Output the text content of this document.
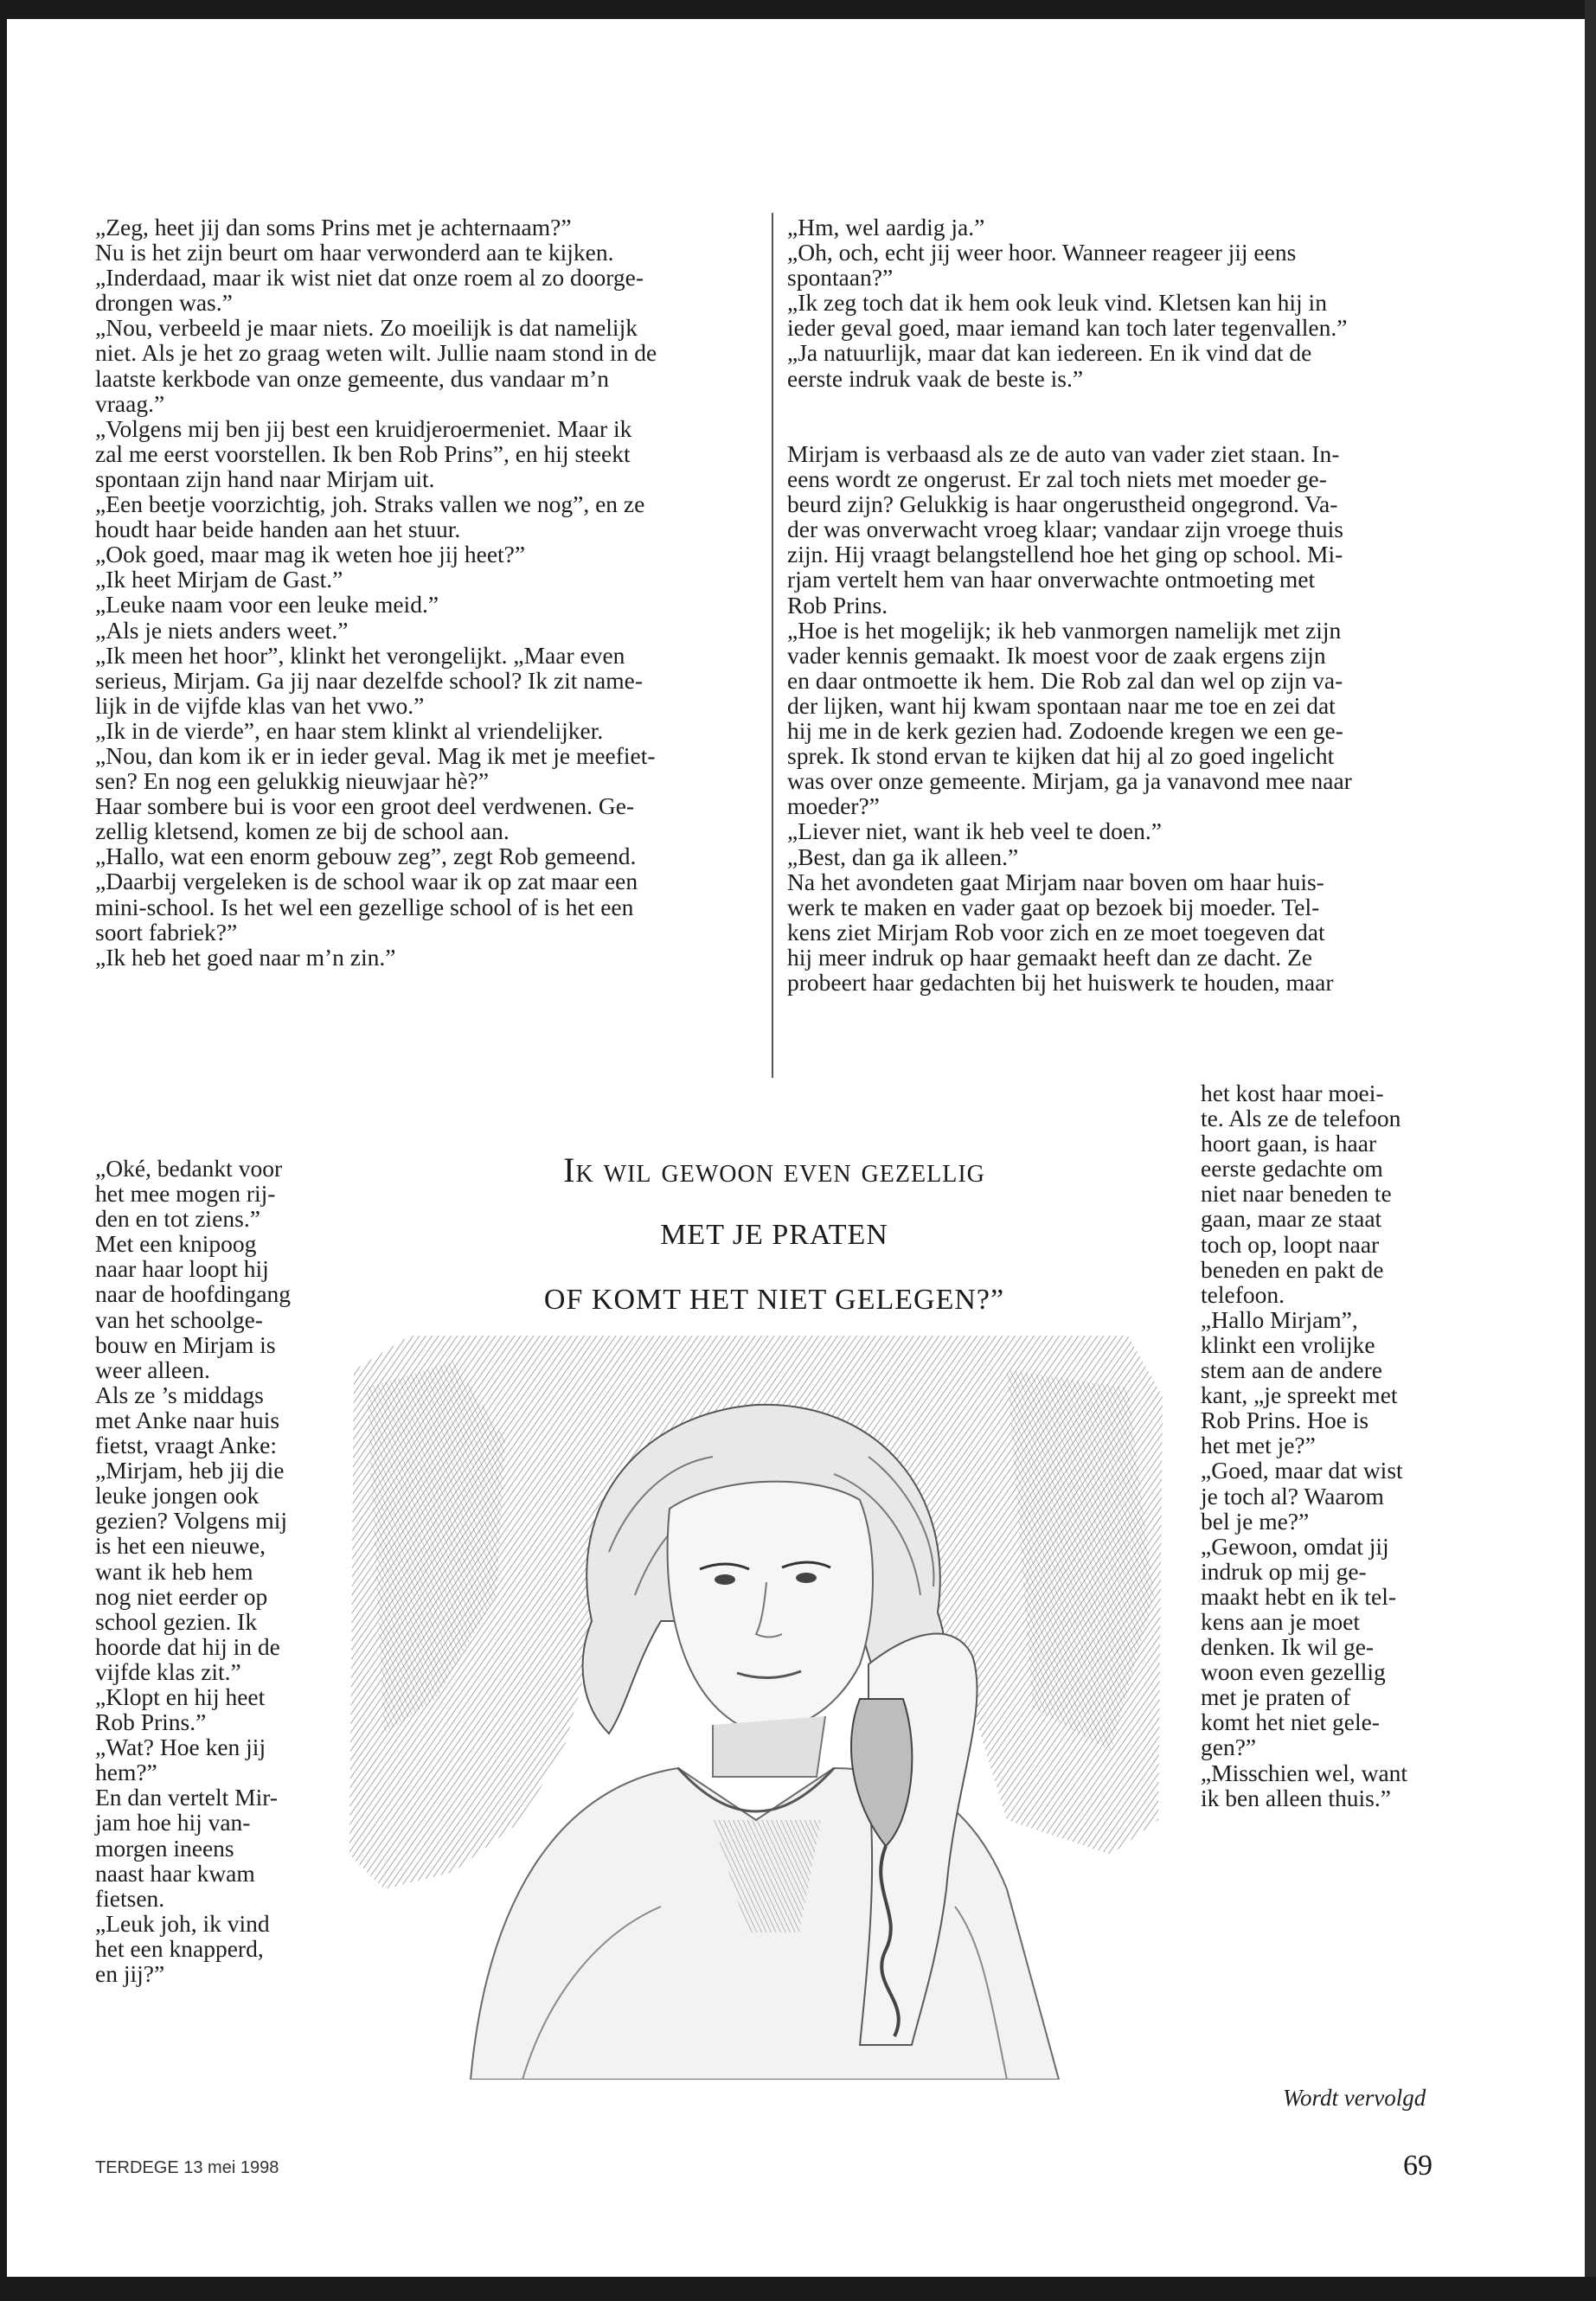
„Zeg, heet jij dan soms Prins met je achternaam?”

Nu is het zijn beurt om haar verwonderd aan te kijken.

„Inderdaad, maar ik wist niet dat onze roem al zo doorge-

drongen was.”

„Nou, verbeeld je maar niets. Zo moeilijk is dat namelijk

niet. Als je het zo graag weten wilt. Jullie naam stond in de

laatste kerkbode van onze gemeente, dus vandaar m’n

vraag.”

„Volgens mij ben jij best een kruidjeroermeniet. Maar ik

zal me eerst voorstellen. Ik ben Rob Prins”, en hij steekt

spontaan zijn hand naar Mirjam uit.

„Een beetje voorzichtig, joh. Straks vallen we nog”, en ze

houdt haar beide handen aan het stuur.

„Ook goed, maar mag ik weten hoe jij heet?”

„Ik heet Mirjam de Gast.”

„Leuke naam voor een leuke meid.”

„Als je niets anders weet.”

„Ik meen het hoor”, klinkt het verongelijkt. „Maar even

serieus, Mirjam. Ga jij naar dezelfde school? Ik zit name-

lijk in de vijfde klas van het vwo.”

„Ik in de vierde”, en haar stem klinkt al vriendelijker.

„Nou, dan kom ik er in ieder geval. Mag ik met je meefiet-

sen? En nog een gelukkig nieuwjaar hè?”

Haar sombere bui is voor een groot deel verdwenen. Ge-

zellig kletsend, komen ze bij de school aan.

„Hallo, wat een enorm gebouw zeg”, zegt Rob gemeend.

„Daarbij vergeleken is de school waar ik op zat maar een

mini-school. Is het wel een gezellige school of is het een

soort fabriek?”

„Ik heb het goed naar m’n zin.”

„Oké, bedankt voor

het mee mogen rij-

den en tot ziens.”

Met een knipoog

naar haar loopt hij

naar de hoofdingang

van het schoolge-

bouw en Mirjam is

weer alleen.

Als ze ’s middags

met Anke naar huis

fietst, vraagt Anke:

„Mirjam, heb jij die

leuke jongen ook

gezien? Volgens mij

is het een nieuwe,

want ik heb hem

nog niet eerder op

school gezien. Ik

hoorde dat hij in de

vijfde klas zit.”

„Klopt en hij heet

Rob Prins.”

„Wat? Hoe ken jij

hem?”

En dan vertelt Mir-

jam hoe hij van-

morgen ineens

naast haar kwam

fietsen.

„Leuk joh, ik vind

het een knapperd,

en jij?”

„Hm, wel aardig ja.”

„Oh, och, echt jij weer hoor. Wanneer reageer jij eens

spontaan?”

„Ik zeg toch dat ik hem ook leuk vind. Kletsen kan hij in

ieder geval goed, maar iemand kan toch later tegenvallen.”

„Ja natuurlijk, maar dat kan iedereen. En ik vind dat de

eerste indruk vaak de beste is.”

Mirjam is verbaasd als ze de auto van vader ziet staan. In-

eens wordt ze ongerust. Er zal toch niets met moeder ge-

beurd zijn? Gelukkig is haar ongerustheid ongegrond. Va-

der was onverwacht vroeg klaar; vandaar zijn vroege thuis

zijn. Hij vraagt belangstellend hoe het ging op school. Mi-

rjam vertelt hem van haar onverwachte ontmoeting met

Rob Prins.

„Hoe is het mogelijk; ik heb vanmorgen namelijk met zijn

vader kennis gemaakt. Ik moest voor de zaak ergens zijn

en daar ontmoette ik hem. Die Rob zal dan wel op zijn va-

der lijken, want hij kwam spontaan naar me toe en zei dat

hij me in de kerk gezien had. Zodoende kregen we een ge-

sprek. Ik stond ervan te kijken dat hij al zo goed ingelicht

was over onze gemeente. Mirjam, ga ja vanavond mee naar

moeder?”

„Liever niet, want ik heb veel te doen.”

„Best, dan ga ik alleen.”

Na het avondeten gaat Mirjam naar boven om haar huis-

werk te maken en vader gaat op bezoek bij moeder. Tel-

kens ziet Mirjam Rob voor zich en ze moet toegeven dat

hij meer indruk op haar gemaakt heeft dan ze dacht. Ze

probeert haar gedachten bij het huiswerk te houden, maar

het kost haar moei-

te. Als ze de telefoon

hoort gaan, is haar

eerste gedachte om

niet naar beneden te

gaan, maar ze staat

toch op, loopt naar

beneden en pakt de

telefoon.

„Hallo Mirjam”,

klinkt een vrolijke

stem aan de andere

kant, „je spreekt met

Rob Prins. Hoe is

het met je?”

„Goed, maar dat wist

je toch al? Waarom

bel je me?”

„Gewoon, omdat jij

indruk op mij ge-

maakt hebt en ik tel-

kens aan je moet

denken. Ik wil ge-

woon even gezellig

met je praten of

komt het niet gele-

gen?”

„Misschien wel, want

ik ben alleen thuis.”

Ik wil gewoon even gezellig

MET JE PRATEN

OF KOMT HET NIET GELEGEN?”

Wordt vervolgd
TERDEGE 13 mei 1998	69
